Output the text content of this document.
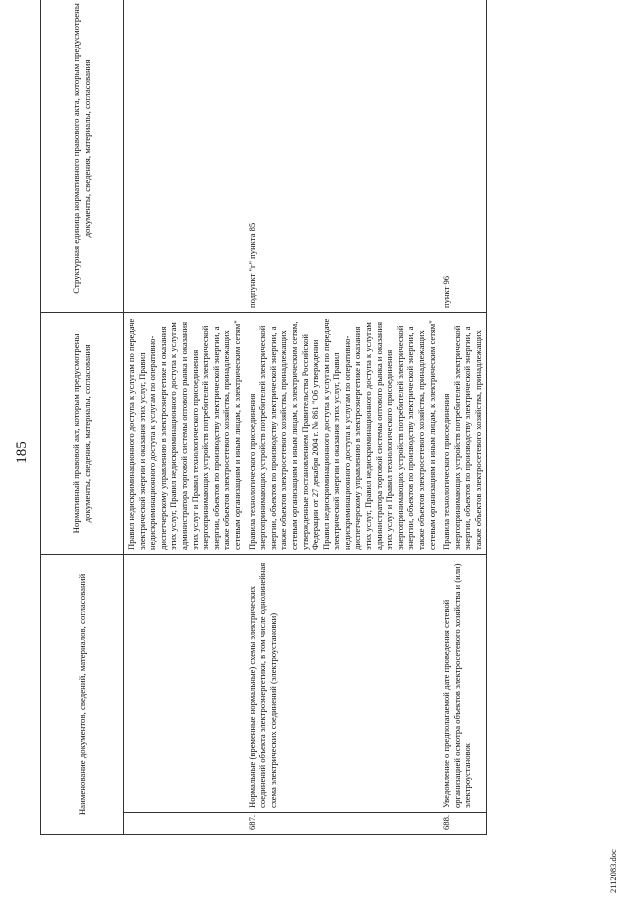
185
Наименование документов, сведений, материалов, согласований		Нормативный правовой акт, которым предусмотрены документы, сведения, материалы, согласования	Структурная единица нормативного правового акта, которым предусмотрены документы, сведения, материалы, согласования
		Правил недискриминационного доступа к услугам по передаче электрической энергии и оказания этих услуг, Правил недискриминационного доступа к услугам по оперативно-диспетчерскому управлению в электроэнергетике и оказания этих услуг, Правил недискриминационного доступа к услугам администратора торговой системы оптового рынка и оказания этих услуг и Правил технологического присоединения энергопринимающих устройств потребителей электрической энергии, объектов по производству электрической энергии, а также объектов электросетевого хозяйства, принадлежащих сетевым организациям и иным лицам, к электрическим сетям"	
687.	Нормальные (временные нормальные) схемы электрических соединений объекта электроэнергетики, в том числе однолинейная схема электрических соединений (электроустановки)	Правила технологического присоединения энергопринимающих устройств потребителей электрической энергии, объектов по производству электрической энергии, а также объектов электросетевого хозяйства, принадлежащих сетевым организациям и иным лицам, к электрическим сетям, утвержденные постановлением Правительства Российской Федерации от 27 декабря 2004 г. № 861 "Об утверждении Правил недискриминационного доступа к услугам по передаче электрической энергии и оказания этих услуг, Правил недискриминационного доступа к услугам по оперативно-диспетчерскому управлению в электроэнергетике и оказания этих услуг, Правил недискриминационного доступа к услугам администратора торговой системы оптового рынка и оказания этих услуг и Правил технологического присоединения энергопринимающих устройств потребителей электрической энергии, объектов по производству электрической энергии, а также объектов электросетевого хозяйства, принадлежащих сетевым организациям и иным лицам, к электрическим сетям"	подпункт "г" пункта 85
688.	Уведомление о предполагаемой дате проведения сетевой организацией осмотра объектов электросетевого хозяйства и (или) электроустановок	Правила технологического присоединения энергопринимающих устройств потребителей электрической энергии, объектов по производству электрической энергии, а также объектов электросетевого хозяйства, принадлежащих	пункт 96
2112083.doc
